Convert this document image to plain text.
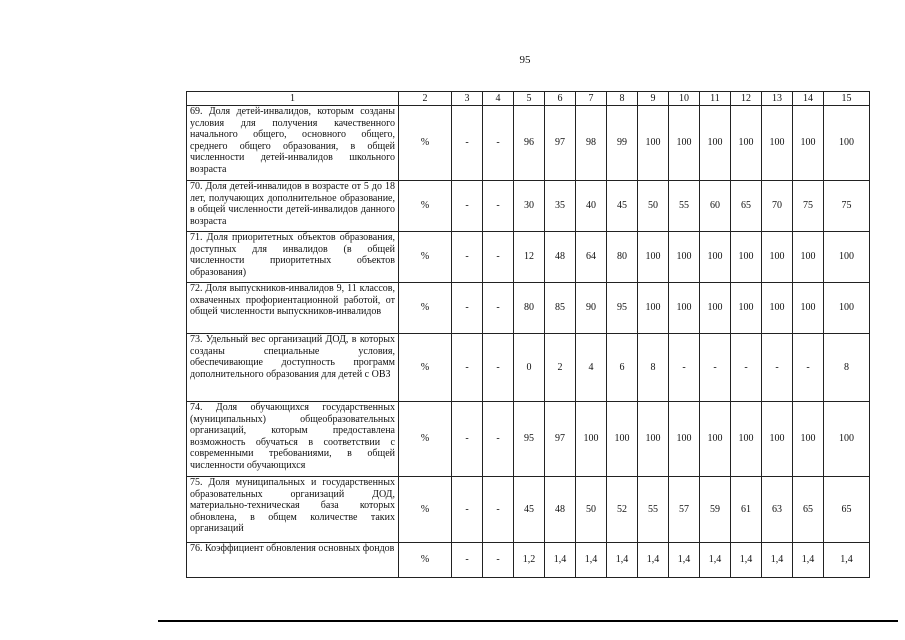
95
1	2	3	4	5	6	7	8	9	10	11	12	13	14	15
69. Доля детей-инвалидов, которым созданы условия для получения качественного начального общего, основного общего, среднего общего образования, в общей численности детей-инвалидов школьного возраста	%	-	-	96	97	98	99	100	100	100	100	100	100	100
70. Доля детей-инвалидов в возрасте от 5 до 18 лет, получающих дополнительное образование, в общей численности детей-инвалидов данного возраста	%	-	-	30	35	40	45	50	55	60	65	70	75	75
71. Доля приоритетных объектов образования, доступных для инвалидов (в общей численности приоритетных объектов образования)	%	-	-	12	48	64	80	100	100	100	100	100	100	100
72. Доля выпускников-инвалидов 9, 11 классов, охваченных профориентационной работой, от общей численности выпускников-инвалидов	%	-	-	80	85	90	95	100	100	100	100	100	100	100
73. Удельный вес организаций ДОД, в которых созданы специальные условия, обеспечивающие доступность программ дополнительного образования для детей с ОВЗ	%	-	-	0	2	4	6	8	-	-	-	-	-	8
74. Доля обучающихся государственных (муниципальных) общеобразовательных организаций, которым предоставлена возможность обучаться в соответствии с современными требованиями, в общей численности обучающихся	%	-	-	95	97	100	100	100	100	100	100	100	100	100
75. Доля муниципальных и государственных образовательных организаций ДОД, материально-техническая база которых обновлена, в общем количестве таких организаций	%	-	-	45	48	50	52	55	57	59	61	63	65	65
76. Коэффициент обновления основных фондов	%	-	-	1,2	1,4	1,4	1,4	1,4	1,4	1,4	1,4	1,4	1,4	1,4
